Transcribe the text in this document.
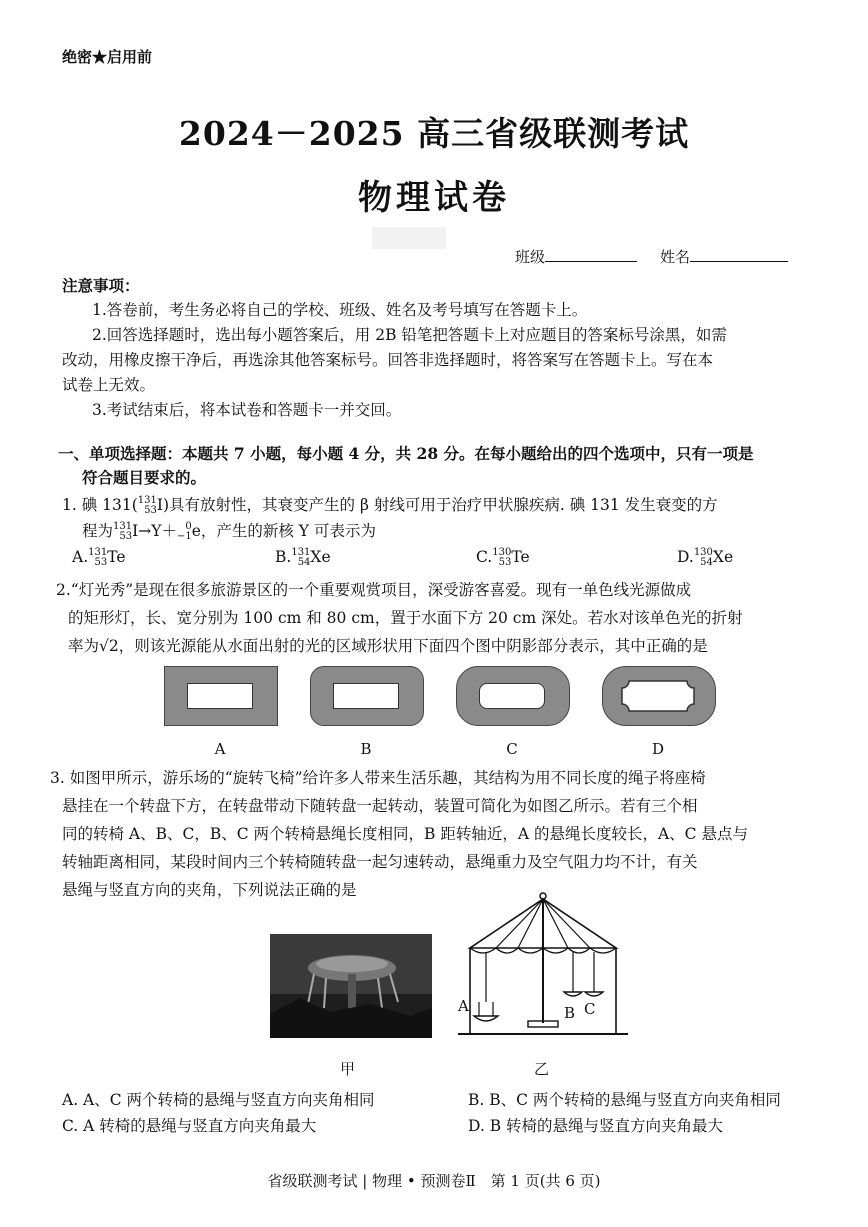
绝密★启用前
2024－2025 高三省级联测考试
物理试卷
班级	姓名
注意事项：
1.答卷前，考生务必将自己的学校、班级、姓名及考号填写在答题卡上。
2.回答选择题时，选出每小题答案后，用 2B 铅笔把答题卡上对应题目的答案标号涂黑，如需
改动，用橡皮擦干净后，再选涂其他答案标号。回答非选择题时，将答案写在答题卡上。写在本
试卷上无效。
3.考试结束后，将本试卷和答题卡一并交回。
一、单项选择题：本题共 7 小题，每小题 4 分，共 28 分。在每小题给出的四个选项中，只有一项是
符合题目要求的。
1. 碘 131( 131
53 I)具有放射性，其衰变产生的 β 射线可用于治疗甲状腺疾病. 碘 131 发生衰变的方
程为 131
53 I→Y＋ 0
−1 e，产生的新核 Y 可表示为
A. 131
53 Te	B. 131
54 Xe	C. 130
53 Te	D. 130
54 Xe
2.“灯光秀”是现在很多旅游景区的一个重要观赏项目，深受游客喜爱。现有一单色线光源做成
的矩形灯，长、宽分别为 100 cm 和 80 cm，置于水面下方 20 cm 深处。若水对该单色光的折射
率为√2，则该光源能从水面出射的光的区域形状用下面四个图中阴影部分表示，其中正确的是
A	B	C	D
3. 如图甲所示，游乐场的“旋转飞椅”给许多人带来生活乐趣，其结构为用不同长度的绳子将座椅
悬挂在一个转盘下方，在转盘带动下随转盘一起转动，装置可简化为如图乙所示。若有三个相
同的转椅 A、B、C，B、C 两个转椅悬绳长度相同，B 距转轴近，A 的悬绳长度较长，A、C 悬点与
转轴距离相同，某段时间内三个转椅随转盘一起匀速转动，悬绳重力及空气阻力均不计，有关
悬绳与竖直方向的夹角，下列说法正确的是
甲
A	B C
乙
A. A、C 两个转椅的悬绳与竖直方向夹角相同	B. B、C 两个转椅的悬绳与竖直方向夹角相同
C. A 转椅的悬绳与竖直方向夹角最大	D. B 转椅的悬绳与竖直方向夹角最大
省级联测考试 | 物理 • 预测卷Ⅱ　第 1 页(共 6 页)
